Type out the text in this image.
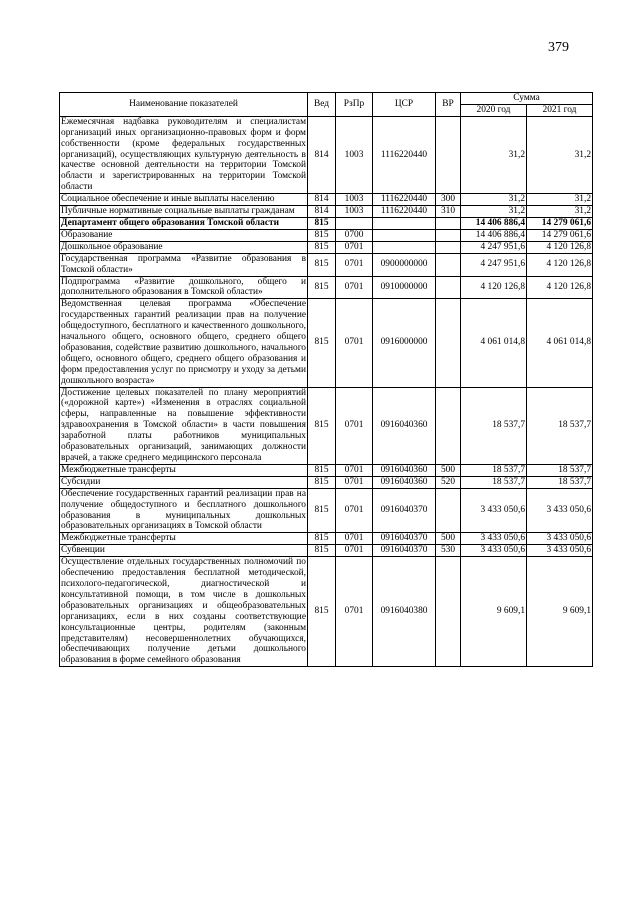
379
Наименование показателей	Вед	РзПр	ЦСР	ВР	Сумма	
					2020 год	2021 год
Ежемесячная надбавка руководителям и специалистам организаций иных организационно-правовых форм и форм собственности (кроме федеральных государственных организаций), осуществляющих культурную деятельность в качестве основной деятельности на территории Томской области и зарегистрированных на территории Томской области	814	1003	1116220440		31,2	31,2
Социальное обеспечение и иные выплаты населению	814	1003	1116220440	300	31,2	31,2
Публичные нормативные социальные выплаты гражданам	814	1003	1116220440	310	31,2	31,2
Департамент общего образования Томской области	815				14 406 886,4	14 279 061,6
Образование	815	0700			14 406 886,4	14 279 061,6
Дошкольное образование	815	0701			4 247 951,6	4 120 126,8
Государственная программа «Развитие образования в Томской области»	815	0701	0900000000		4 247 951,6	4 120 126,8
Подпрограмма «Развитие дошкольного, общего и дополнительного образования в Томской области»	815	0701	0910000000		4 120 126,8	4 120 126,8
Ведомственная целевая программа «Обеспечение государственных гарантий реализации прав на получение общедоступного, бесплатного и качественного дошкольного, начального общего, основного общего, среднего общего образования, содействие развитию дошкольного, начального общего, основного общего, среднего общего образования и форм предоставления услуг по присмотру и уходу за детьми дошкольного возраста»	815	0701	0916000000		4 061 014,8	4 061 014,8
Достижение целевых показателей по плану мероприятий («дорожной карте») «Изменения в отраслях социальной сферы, направленные на повышение эффективности здравоохранения в Томской области» в части повышения заработной платы работников муниципальных образовательных организаций, занимающих должности врачей, а также среднего медицинского персонала	815	0701	0916040360		18 537,7	18 537,7
Межбюджетные трансферты	815	0701	0916040360	500	18 537,7	18 537,7
Субсидии	815	0701	0916040360	520	18 537,7	18 537,7
Обеспечение государственных гарантий реализации прав на получение общедоступного и бесплатного дошкольного образования в муниципальных дошкольных образовательных организациях в Томской области	815	0701	0916040370		3 433 050,6	3 433 050,6
Межбюджетные трансферты	815	0701	0916040370	500	3 433 050,6	3 433 050,6
Субвенции	815	0701	0916040370	530	3 433 050,6	3 433 050,6
Осуществление отдельных государственных полномочий по обеспечению предоставления бесплатной методической, психолого-педагогической, диагностической и консультативной помощи, в том числе в дошкольных образовательных организациях и общеобразовательных организациях, если в них созданы соответствующие консультационные центры, родителям (законным представителям) несовершеннолетних обучающихся, обеспечивающих получение детьми дошкольного образования в форме семейного образования	815	0701	0916040380		9 609,1	9 609,1
